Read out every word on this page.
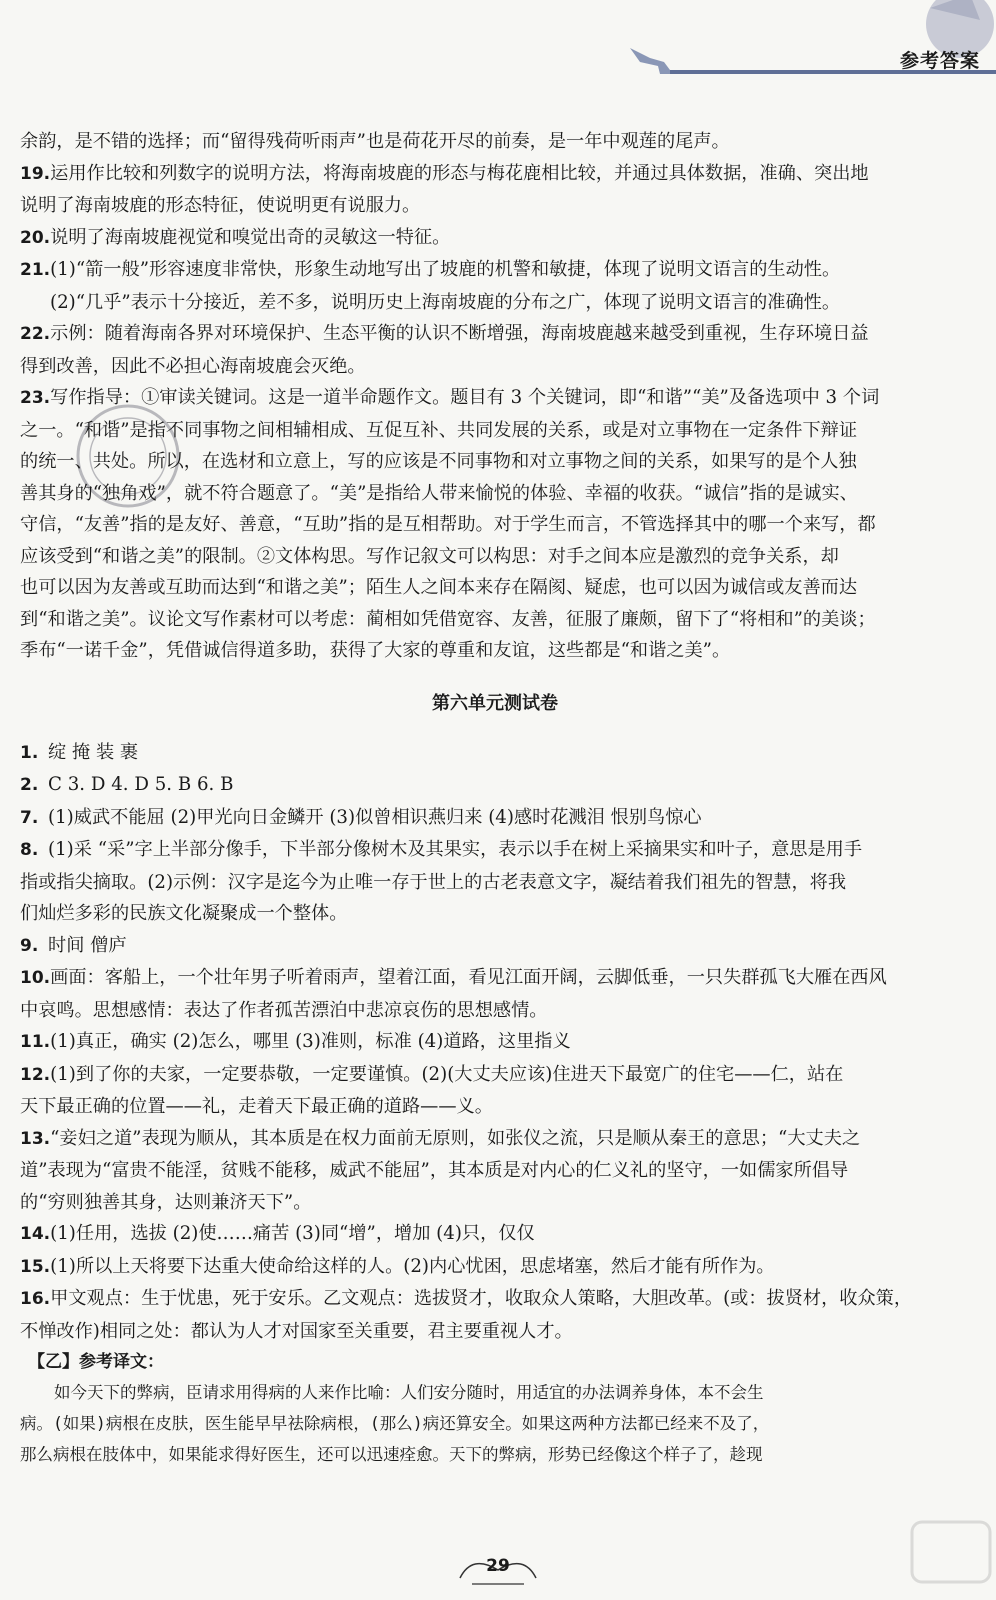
参考答案

余韵，是不错的选择；而“留得残荷听雨声”也是荷花开尽的前奏，是一年中观莲的尾声。

19.运用作比较和列数字的说明方法，将海南坡鹿的形态与梅花鹿相比较，并通过具体数据，准确、突出地

说明了海南坡鹿的形态特征，使说明更有说服力。

20.说明了海南坡鹿视觉和嗅觉出奇的灵敏这一特征。

21.(1)“箭一般”形容速度非常快，形象生动地写出了坡鹿的机警和敏捷，体现了说明文语言的生动性。

(2)“几乎”表示十分接近，差不多，说明历史上海南坡鹿的分布之广，体现了说明文语言的准确性。

22.示例：随着海南各界对环境保护、生态平衡的认识不断增强，海南坡鹿越来越受到重视，生存环境日益

得到改善，因此不必担心海南坡鹿会灭绝。

23.写作指导：①审读关键词。这是一道半命题作文。题目有 3 个关键词，即“和谐”“美”及备选项中 3 个词

之一。“和谐”是指不同事物之间相辅相成、互促互补、共同发展的关系，或是对立事物在一定条件下辩证

的统一、共处。所以，在选材和立意上，写的应该是不同事物和对立事物之间的关系，如果写的是个人独

善其身的“独角戏”，就不符合题意了。“美”是指给人带来愉悦的体验、幸福的收获。“诚信”指的是诚实、

守信，“友善”指的是友好、善意，“互助”指的是互相帮助。对于学生而言，不管选择其中的哪一个来写，都

应该受到“和谐之美”的限制。②文体构思。写作记叙文可以构思：对手之间本应是激烈的竞争关系，却

也可以因为友善或互助而达到“和谐之美”；陌生人之间本来存在隔阂、疑虑，也可以因为诚信或友善而达

到“和谐之美”。议论文写作素材可以考虑：蔺相如凭借宽容、友善，征服了廉颇，留下了“将相和”的美谈；

季布“一诺千金”，凭借诚信得道多助，获得了大家的尊重和友谊，这些都是“和谐之美”。

第六单元测试卷

1. 绽 掩 装 裹

2. C 3. D 4. D 5. B 6. B

7. (1)威武不能屈 (2)甲光向日金鳞开 (3)似曾相识燕归来 (4)感时花溅泪 恨别鸟惊心

8. (1)采 “采”字上半部分像手，下半部分像树木及其果实，表示以手在树上采摘果实和叶子，意思是用手

指或指尖摘取。(2)示例：汉字是迄今为止唯一存于世上的古老表意文字，凝结着我们祖先的智慧，将我

们灿烂多彩的民族文化凝聚成一个整体。

9. 时间 僧庐

10.画面：客船上，一个壮年男子听着雨声，望着江面，看见江面开阔，云脚低垂，一只失群孤飞大雁在西风

中哀鸣。思想感情：表达了作者孤苦漂泊中悲凉哀伤的思想感情。

11.(1)真正，确实 (2)怎么，哪里 (3)准则，标准 (4)道路，这里指义

12.(1)到了你的夫家，一定要恭敬，一定要谨慎。(2)(大丈夫应该)住进天下最宽广的住宅——仁，站在

天下最正确的位置——礼，走着天下最正确的道路——义。

13.“妾妇之道”表现为顺从，其本质是在权力面前无原则，如张仪之流，只是顺从秦王的意思；“大丈夫之

道”表现为“富贵不能淫，贫贱不能移，威武不能屈”，其本质是对内心的仁义礼的坚守，一如儒家所倡导

的“穷则独善其身，达则兼济天下”。

14.(1)任用，选拔 (2)使……痛苦 (3)同“增”，增加 (4)只，仅仅

15.(1)所以上天将要下达重大使命给这样的人。(2)内心忧困，思虑堵塞，然后才能有所作为。

16.甲文观点：生于忧患，死于安乐。乙文观点：选拔贤才，收取众人策略，大胆改革。(或：拔贤材，收众策，

不惮改作)相同之处：都认为人才对国家至关重要，君主要重视人才。

【乙】参考译文：

如今天下的弊病，臣请求用得病的人来作比喻：人们安分随时，用适宜的办法调养身体，本不会生

病。(如果)病根在皮肤，医生能早早祛除病根，(那么)病还算安全。如果这两种方法都已经来不及了，

那么病根在肢体中，如果能求得好医生，还可以迅速痊愈。天下的弊病，形势已经像这个样子了，趁现

29
